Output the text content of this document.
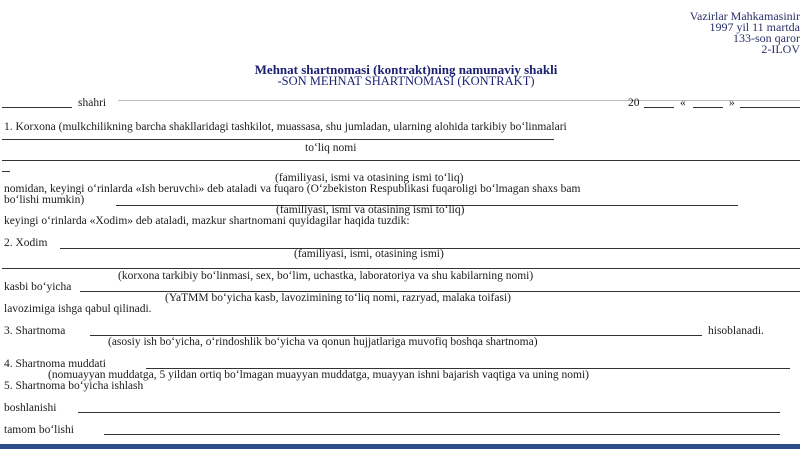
Vazirlar Mahkamasinir
1997 yil 11 martda
133-son qaror
2-ILOV
Mehnat shartnomasi (kontrakt)ning namunaviy shakli
-SON MEHNAT SHARTNOMASI (KONTRAKT)
shahri	20	«	»
1. Korxona (mulkchilikning barcha shakllaridagi tashkilot, muassasa, shu jumladan, ularning alohida tarkibiy bo‘linmalari
to‘liq nomi
(familiyasi, ismi va otasining ismi to‘liq)
nomidan, keyingi o‘rinlarda «Ish beruvchi» deb ataladi va fuqaro (O‘zbekiston Respublikasi fuqaroligi bo‘lmagan shaxs bam
bo‘lishi mumkin)
(familiyasi, ismi va otasining ismi to‘liq)
keyingi o‘rinlarda «Xodim» deb ataladi, mazkur shartnomani quyidagilar haqida tuzdik:
2. Xodim
(familiyasi, ismi, otasining ismi)
(korxona tarkibiy bo‘linmasi, sex, bo‘lim, uchastka, laboratoriya va shu kabilarning nomi)
kasbi bo‘yicha
(YaTMM bo‘yicha kasb, lavozimining to‘liq nomi, razryad, malaka toifasi)
lavozimiga ishga qabul qilinadi.
3. Shartnoma	hisoblanadi.
(asosiy ish bo‘yicha, o‘rindoshlik bo‘yicha va qonun hujjatlariga muvofiq boshqa shartnoma)
4. Shartnoma muddati
(nomuayyan muddatga, 5 yildan ortiq bo‘lmagan muayyan muddatga, muayyan ishni bajarish vaqtiga va uning nomi)
5. Shartnoma bo‘yicha ishlash
boshlanishi
tamom bo‘lishi
